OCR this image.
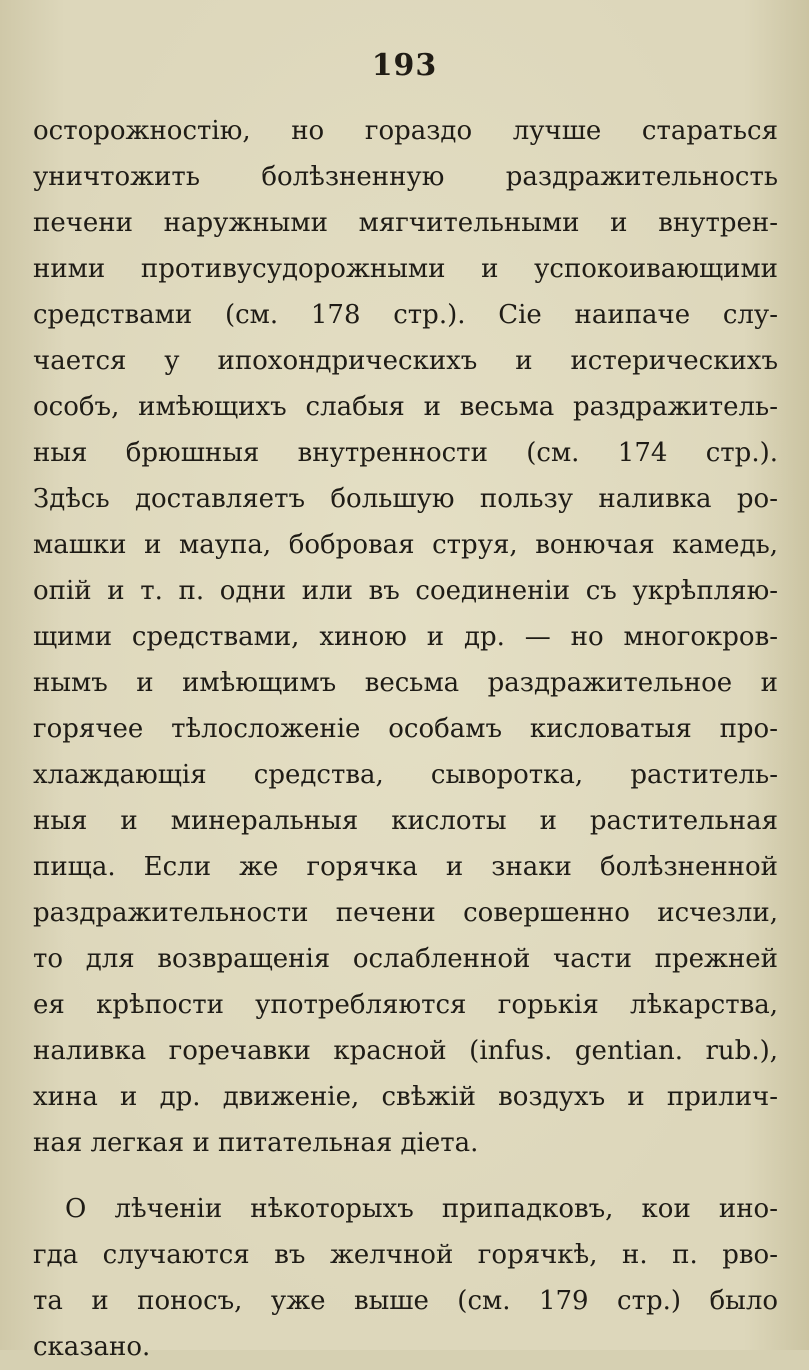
193
осторожностію, но гораздо лучше стараться
уничтожить болѣзненную раздражительность
печени наружными мягчительными и внутрен-
ними противусудорожными и успокоивающими
средствами (см. 178 стр.). Сіе наипаче слу-
чается у ипохондрическихъ и истерическихъ
особъ, имѣющихъ слабыя и весьма раздражитель-
ныя брюшныя внутренности (см. 174 стр.).
Здѣсь доставляетъ большую пользу наливка ро-
машки и маупа, бобровая струя, вонючая камедь,
опій и т. п. одни или въ соединеніи съ укрѣпляю-
щими средствами, хиною и др. — но многокров-
нымъ и имѣющимъ весьма раздражительное и
горячее тѣлосложеніе особамъ кисловатыя про-
хлаждающія средства, сыворотка, раститель-
ныя и минеральныя кислоты и растительная
пища. Если же горячка и знаки болѣзненной
раздражительности печени совершенно исчезли,
то для возвращенія ослабленной части прежней
ея крѣпости употребляются горькія лѣкарства,
наливка горечавки красной (infus. gentian. rub.),
хина и др. движеніе, свѣжій воздухъ и прилич-
ная легкая и питательная діета.
О лѣченіи нѣкоторыхъ припадковъ, кои ино-
гда случаются въ желчной горячкѣ, н. п. рво-
та и поносъ, уже выше (см. 179 стр.) было
сказано.
